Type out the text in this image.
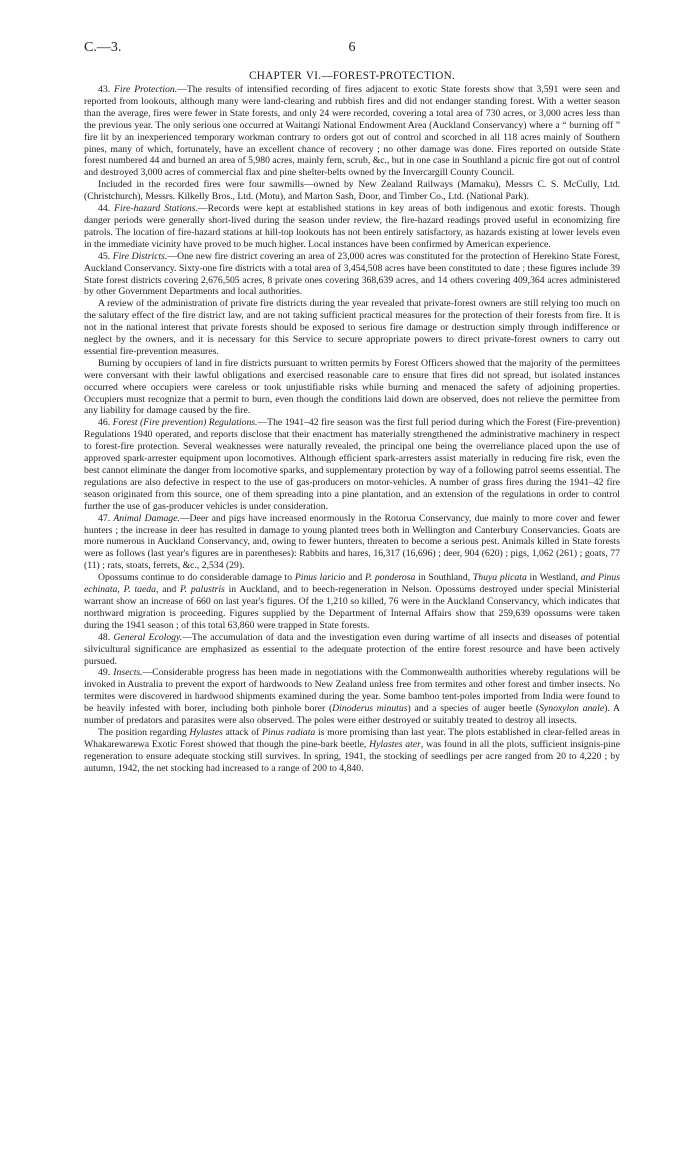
C.—3.	6
CHAPTER VI.—FOREST-PROTECTION.

43. Fire Protection.—The results of intensified recording of fires adjacent to exotic State forests show that 3,591 were seen and reported from lookouts, although many were land-clearing and rubbish fires and did not endanger standing forest. With a wetter season than the average, fires were fewer in State forests, and only 24 were recorded, covering a total area of 730 acres, or 3,000 acres less than the previous year. The only serious one occurred at Waitangi National Endowment Area (Auckland Conservancy) where a “ burning off ” fire lit by an inexperienced temporary workman contrary to orders got out of control and scorched in all 118 acres mainly of Southern pines, many of which, fortunately, have an excellent chance of recovery ; no other damage was done. Fires reported on outside State forest numbered 44 and burned an area of 5,980 acres, mainly fern, scrub, &c., but in one case in Southland a picnic fire got out of control and destroyed 3,000 acres of commercial flax and pine shelter-belts owned by the Invercargill County Council.

Included in the recorded fires were four sawmills—owned by New Zealand Railways (Mamaku), Messrs C. S. McCully, Ltd. (Christchurch), Messrs. Kilkelly Bros., Ltd. (Motu), and Marton Sash, Door, and Timber Co., Ltd. (National Park).

44. Fire-hazard Stations.—Records were kept at established stations in key areas of both indigenous and exotic forests. Though danger periods were generally short-lived during the season under review, the fire-hazard readings proved useful in economizing fire patrols. The location of fire-hazard stations at hill-top lookouts has not been entirely satisfactory, as hazards existing at lower levels even in the immediate vicinity have proved to be much higher. Local instances have been confirmed by American experience.

45. Fire Districts.—One new fire district covering an area of 23,000 acres was constituted for the protection of Herekino State Forest, Auckland Conservancy. Sixty-one fire districts with a total area of 3,454,508 acres have been constituted to date ; these figures include 39 State forest districts covering 2,676,505 acres, 8 private ones covering 368,639 acres, and 14 others covering 409,364 acres administered by other Government Departments and local authorities.

A review of the administration of private fire districts during the year revealed that private-forest owners are still relying too much on the salutary effect of the fire district law, and are not taking sufficient practical measures for the protection of their forests from fire. It is not in the national interest that private forests should be exposed to serious fire damage or destruction simply through indifference or neglect by the owners, and it is necessary for this Service to secure appropriate powers to direct private-forest owners to carry out essential fire-prevention measures.

Burning by occupiers of land in fire districts pursuant to written permits by Forest Officers showed that the majority of the permittees were conversant with their lawful obligations and exercised reasonable care to ensure that fires did not spread, but isolated instances occurred where occupiers were careless or took unjustifiable risks while burning and menaced the safety of adjoining properties. Occupiers must recognize that a permit to burn, even though the conditions laid down are observed, does not relieve the permittee from any liability for damage caused by the fire.

46. Forest (Fire prevention) Regulations.—The 1941–42 fire season was the first full period during which the Forest (Fire-prevention) Regulations 1940 operated, and reports disclose that their enactment has materially strengthened the administrative machinery in respect to forest-fire protection. Several weaknesses were naturally revealed, the principal one being the overreliance placed upon the use of approved spark-arrester equipment upon locomotives. Although efficient spark-arresters assist materially in reducing fire risk, even the best cannot eliminate the danger from locomotive sparks, and supplementary protection by way of a following patrol seems essential. The regulations are also defective in respect to the use of gas-producers on motor-vehicles. A number of grass fires during the 1941–42 fire season originated from this source, one of them spreading into a pine plantation, and an extension of the regulations in order to control further the use of gas-producer vehicles is under consideration.

47. Animal Damage.—Deer and pigs have increased enormously in the Rotorua Conservancy, due mainly to more cover and fewer hunters ; the increase in deer has resulted in damage to young planted trees both in Wellington and Canterbury Conservancies. Goats are more numerous in Auckland Conservancy, and, owing to fewer hunters, threaten to become a serious pest. Animals killed in State forests were as follows (last year's figures are in parentheses): Rabbits and hares, 16,317 (16,696) ; deer, 904 (620) ; pigs, 1,062 (261) ; goats, 77 (11) ; rats, stoats, ferrets, &c., 2,534 (29).

Opossums continue to do considerable damage to Pinus laricio and P. ponderosa in Southland, Thuya plicata in Westland, and Pinus echinata, P. taeda, and P. palustris in Auckland, and to beech-regeneration in Nelson. Opossums destroyed under special Ministerial warrant show an increase of 660 on last year's figures. Of the 1,210 so killed, 76 were in the Auckland Conservancy, which indicates that northward migration is proceeding. Figures supplied by the Department of Internal Affairs show that 259,639 opossums were taken during the 1941 season ; of this total 63,860 were trapped in State forests.

48. General Ecology.—The accumulation of data and the investigation even during wartime of all insects and diseases of potential silvicultural significance are emphasized as essential to the adequate protection of the entire forest resource and have been actively pursued.

49. Insects.—Considerable progress has been made in negotiations with the Commonwealth authorities whereby regulations will be invoked in Australia to prevent the export of hardwoods to New Zealand unless free from termites and other forest and timber insects. No termites were discovered in hardwood shipments examined during the year. Some bamboo tent-poles imported from India were found to be heavily infested with borer, including both pinhole borer (Dinoderus minutus) and a species of auger beetle (Synoxylon anale). A number of predators and parasites were also observed. The poles were either destroyed or suitably treated to destroy all insects.

The position regarding Hylastes attack of Pinus radiata is more promising than last year. The plots established in clear-felled areas in Whakarewarewa Exotic Forest showed that though the pine-bark beetle, Hylastes ater, was found in all the plots, sufficient insignis-pine regeneration to ensure adequate stocking still survives. In spring, 1941, the stocking of seedlings per acre ranged from 20 to 4,220 ; by autumn, 1942, the net stocking had increased to a range of 200 to 4,840.
